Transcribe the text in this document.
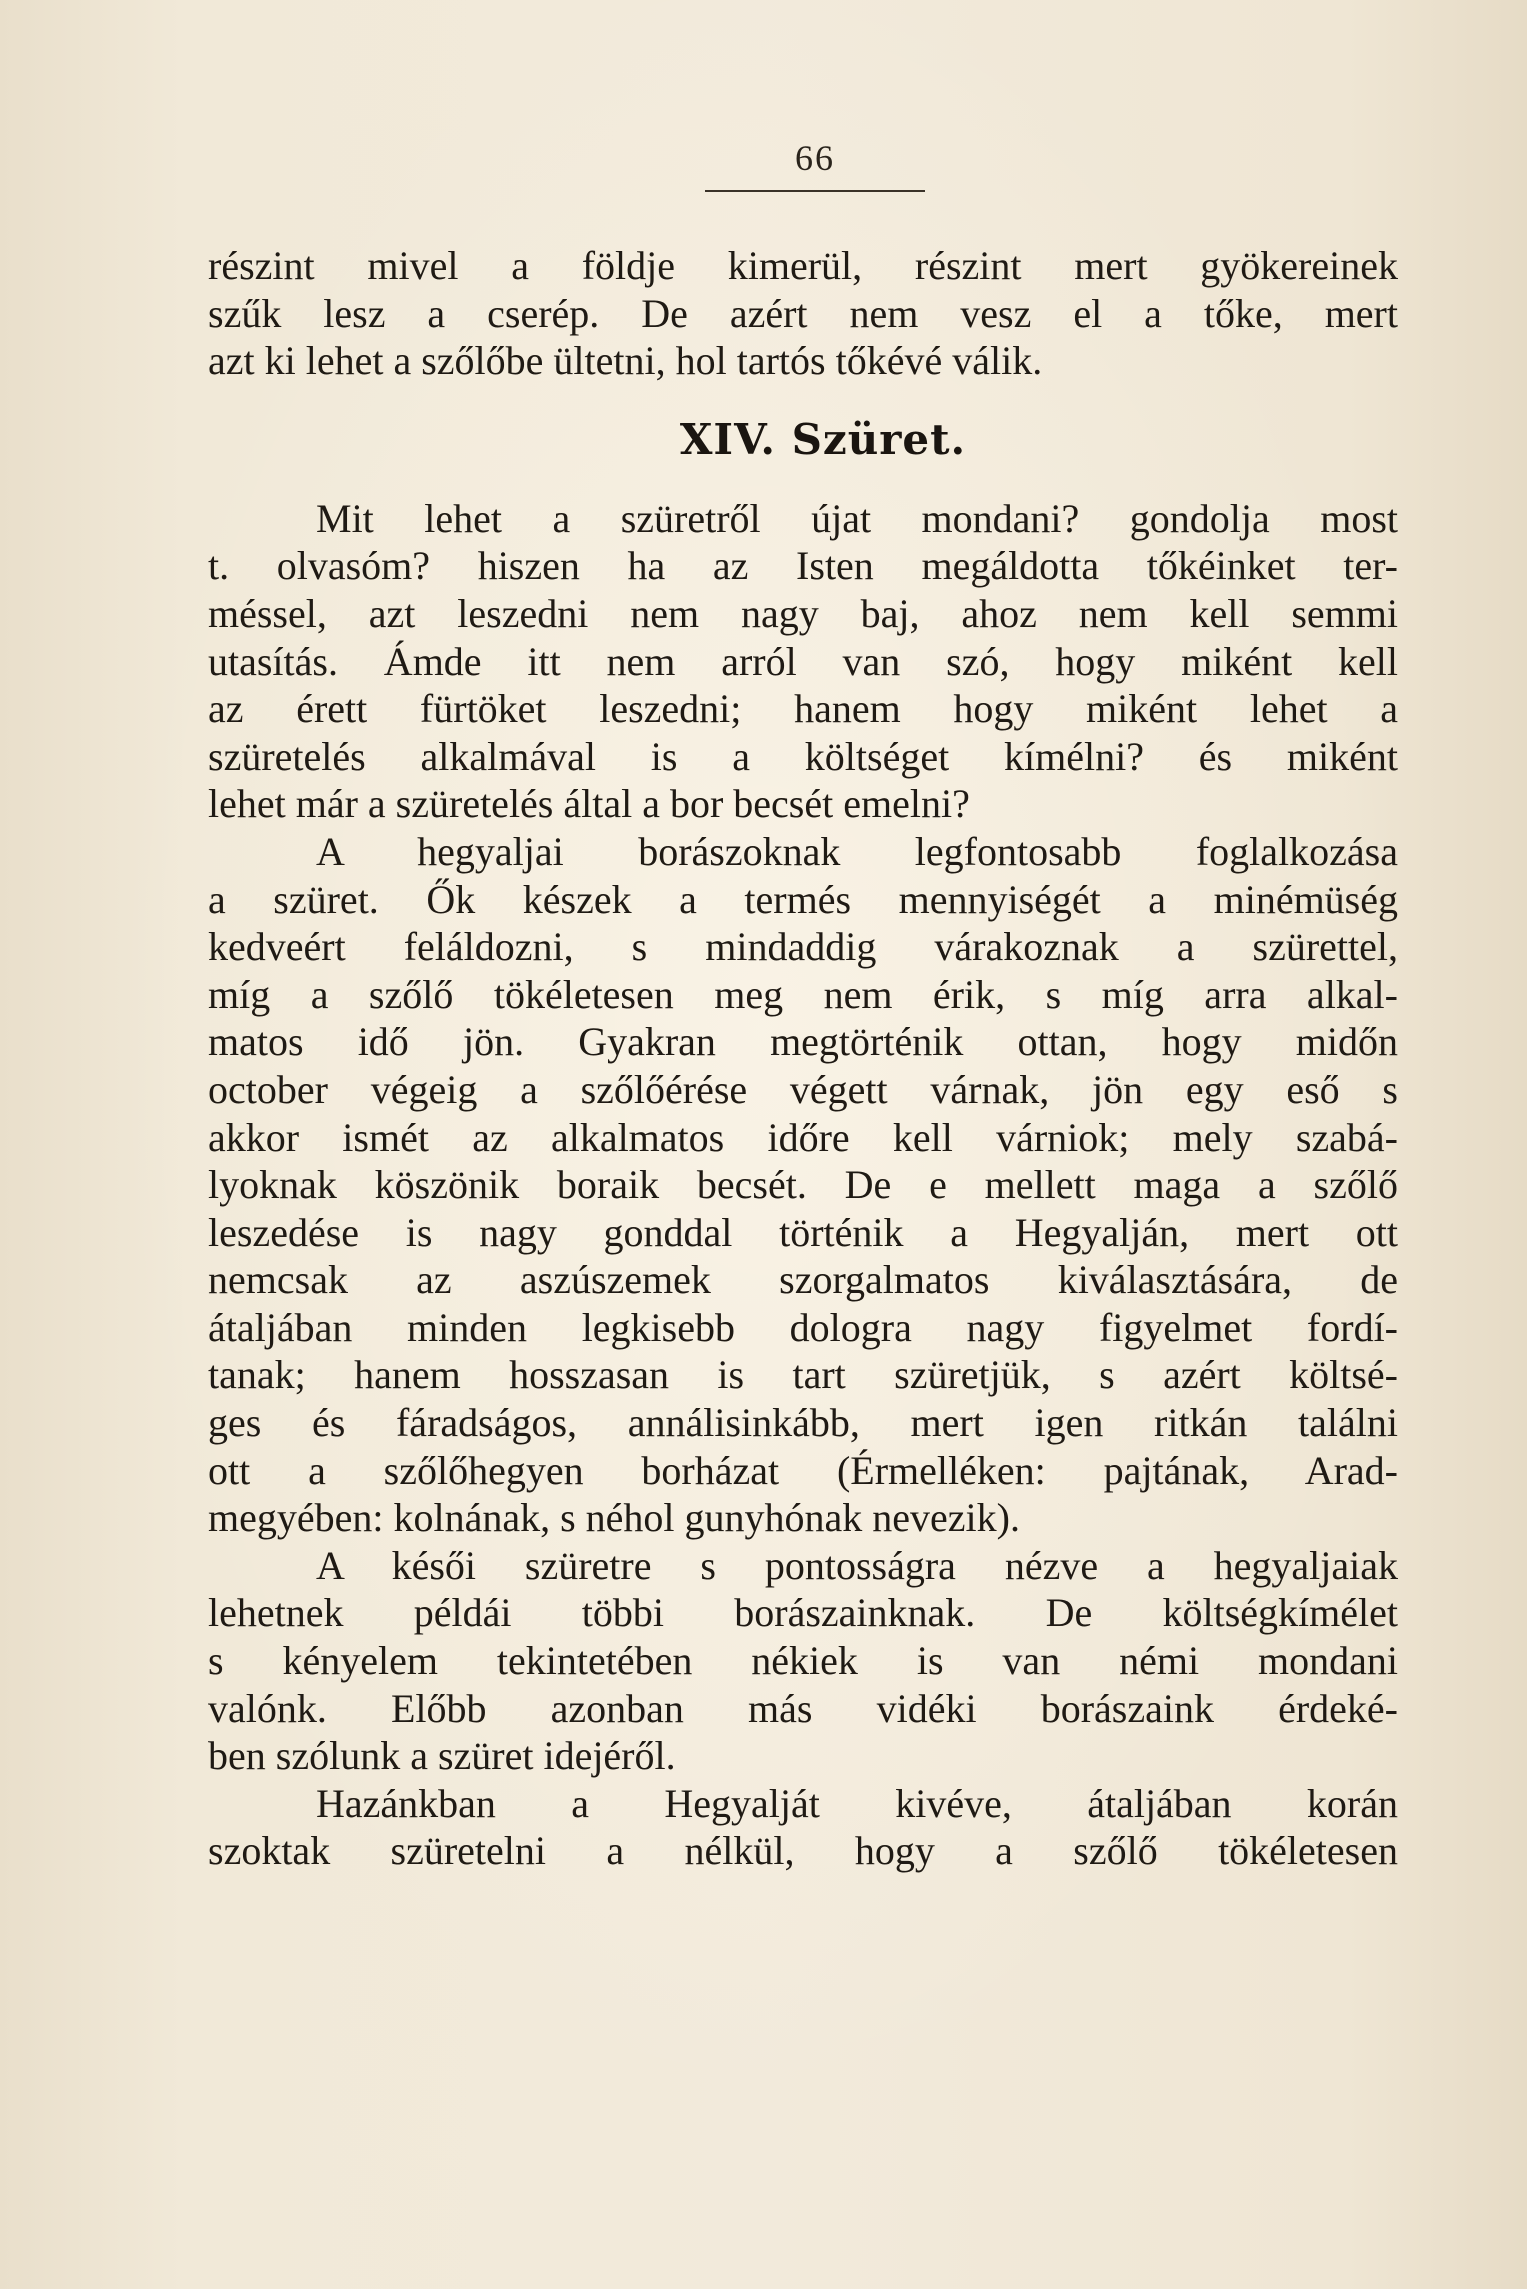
66
részint mivel a földje kimerül, részint mert gyökereinek
szűk lesz a cserép. De azért nem vesz el a tőke, mert
azt ki lehet a szőlőbe ültetni, hol tartós tőkévé válik.
XIV. Szüret.
Mit lehet a szüretről újat mondani? gondolja most
t. olvasóm? hiszen ha az Isten megáldotta tőkéinket ter-
méssel, azt leszedni nem nagy baj, ahoz nem kell semmi
utasítás. Ámde itt nem arról van szó, hogy miként kell
az érett fürtöket leszedni; hanem hogy miként lehet a
szüretelés alkalmával is a költséget kímélni? és miként
lehet már a szüretelés által a bor becsét emelni?
A hegyaljai borászoknak legfontosabb foglalkozása
a szüret. Ők készek a termés mennyiségét a minémüség
kedveért feláldozni, s mindaddig várakoznak a szürettel,
míg a szőlő tökéletesen meg nem érik, s míg arra alkal-
matos idő jön. Gyakran megtörténik ottan, hogy midőn
october végeig a szőlőérése végett várnak, jön egy eső s
akkor ismét az alkalmatos időre kell várniok; mely szabá-
lyoknak köszönik boraik becsét. De e mellett maga a szőlő
leszedése is nagy gonddal történik a Hegyalján, mert ott
nemcsak az aszúszemek szorgalmatos kiválasztására, de
átaljában minden legkisebb dologra nagy figyelmet fordí-
tanak; hanem hosszasan is tart szüretjük, s azért költsé-
ges és fáradságos, annálisinkább, mert igen ritkán találni
ott a szőlőhegyen borházat (Érmelléken: pajtának, Arad-
megyében: kolnának, s néhol gunyhónak nevezik).
A késői szüretre s pontosságra nézve a hegyaljaiak
lehetnek példái többi borászainknak. De költségkímélet
s kényelem tekintetében nékiek is van némi mondani
valónk. Előbb azonban más vidéki borászaink érdeké-
ben szólunk a szüret idejéről.
Hazánkban a Hegyalját kivéve, átaljában korán
szoktak szüretelni a nélkül, hogy a szőlő tökéletesen
